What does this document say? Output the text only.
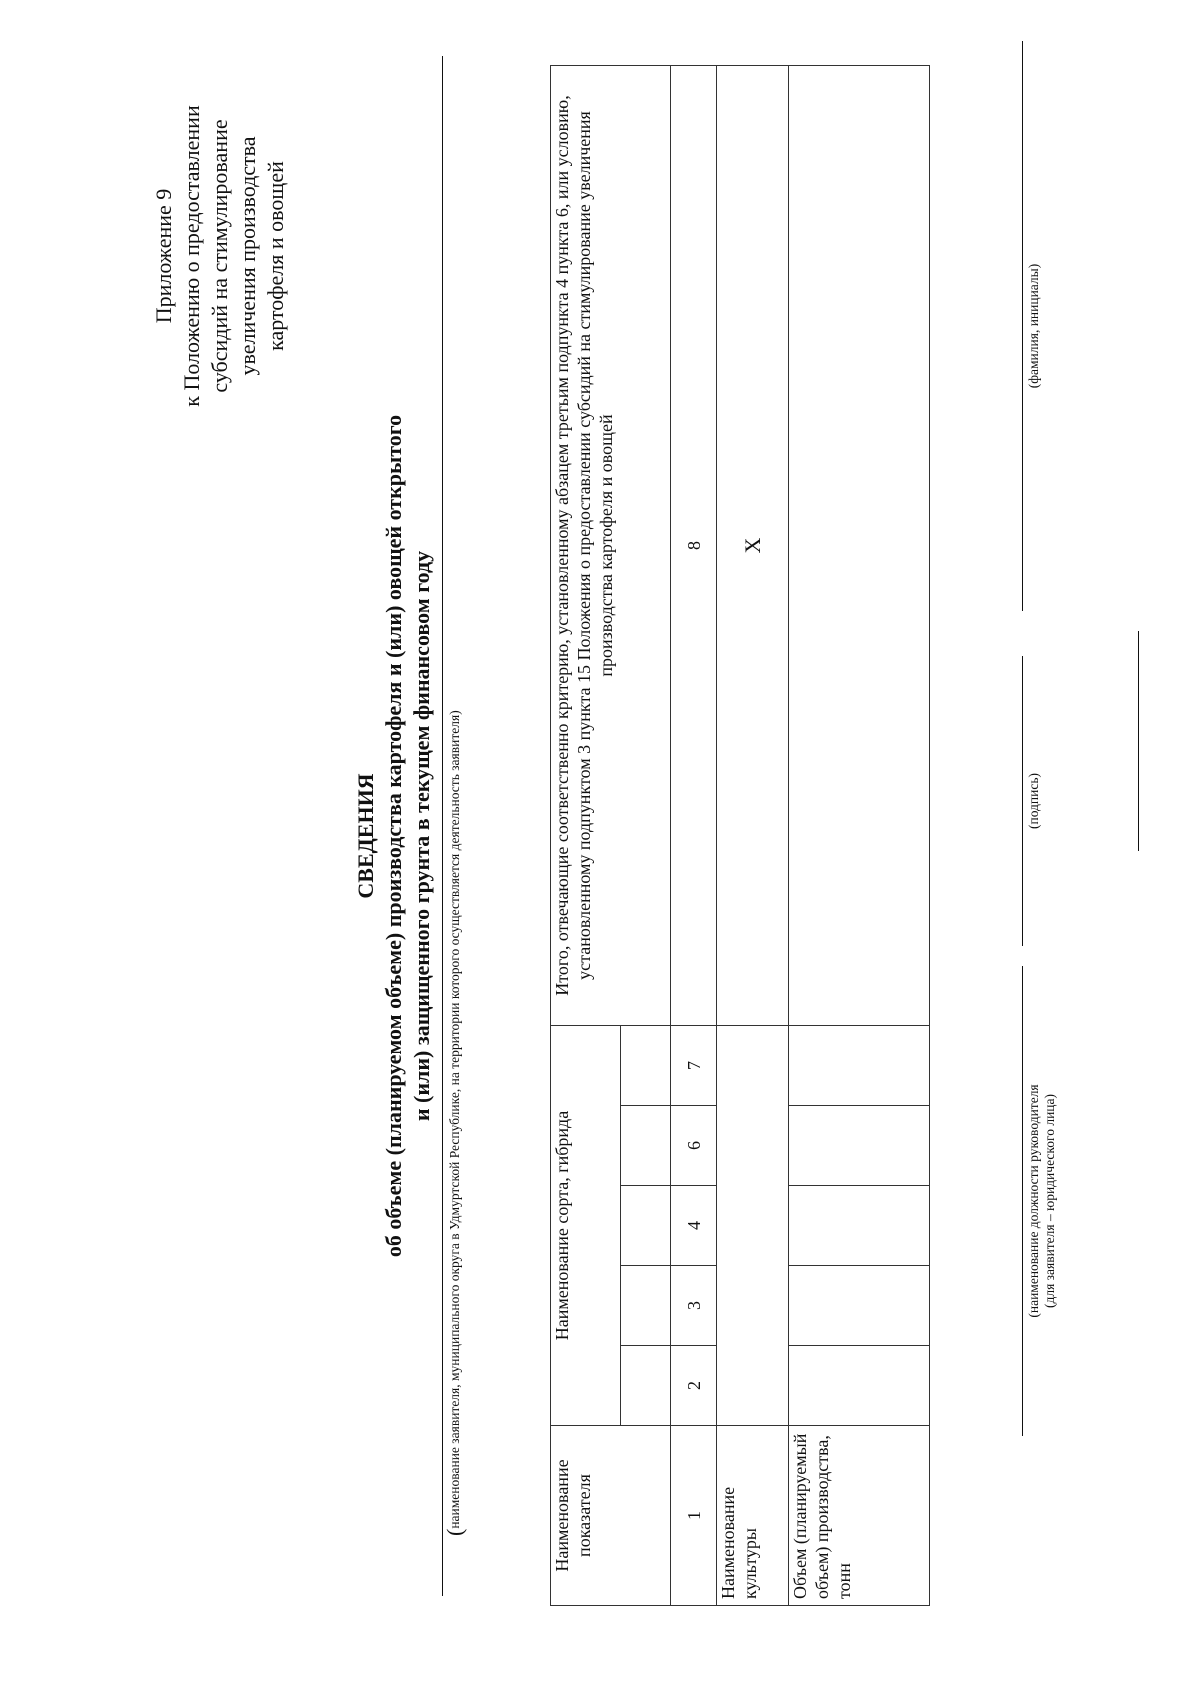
Приложение 9 к Положению о предоставлении субсидий на стимулирование увеличения производства картофеля и овощей
СВЕДЕНИЯ об объеме (планируемом объеме) производства картофеля и (или) овощей открытого и (или) защищенного грунта в текущем финансовом году
(наименование заявителя, муниципального округа в Удмуртской Республике, на территории которого осуществляется деятельность заявителя)	Наименование показателя	Наименование сорта, гибрида					Итого, отвечающие соответственно критерию, установленному абзацем третьим подпункта 4 пункта 6, или условию, установленному подпунктом 3 пункта 15 Положения о предоставлении субсидий на стимулирование увеличения производства картофеля и овощей

1	2	3	4	6	7	8
Наименование культуры						Х
Объем (планируемый объем) производства, тонн						
(наименование должности руководителя (для заявителя – юридического лица)
(подпись)
(фамилия, инициалы)
